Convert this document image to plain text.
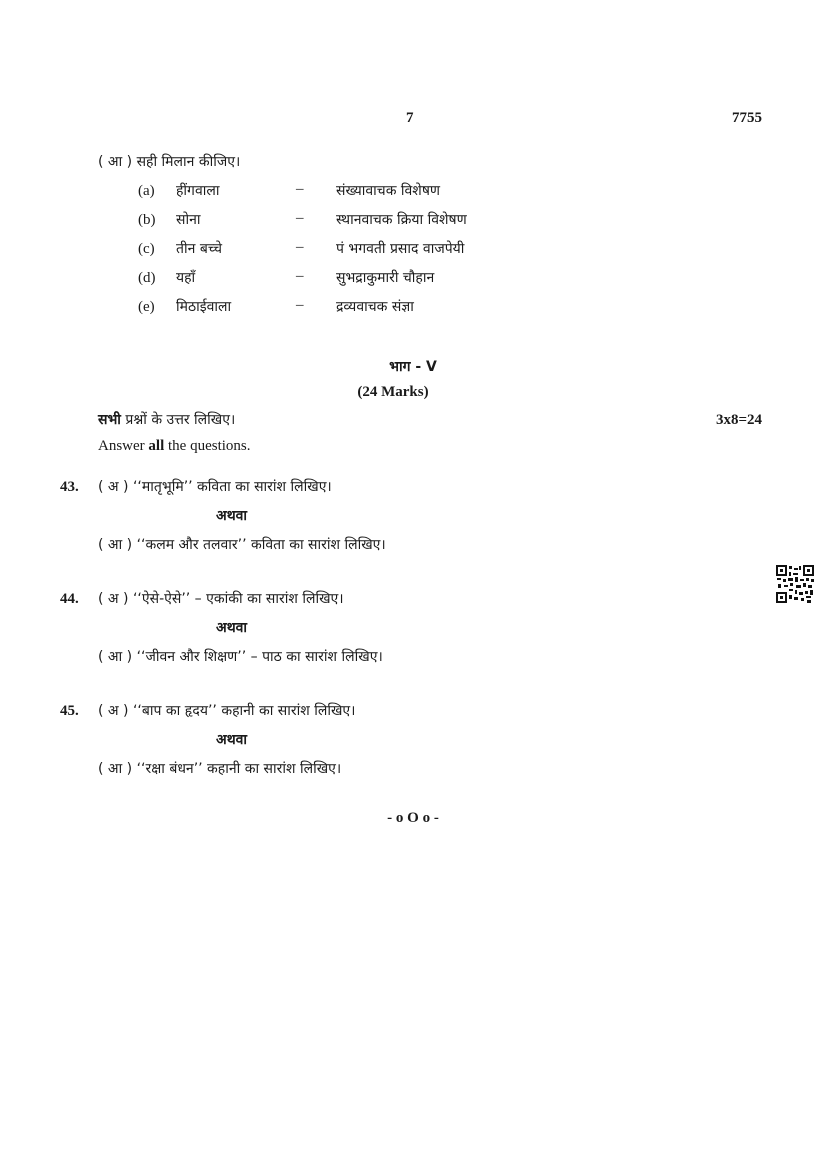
7	7755
( आ ) सही मिलान कीजिए।
(a) हींगवाला	– संख्यावाचक विशेषण
(b) सोना	– स्थानवाचक क्रिया विशेषण
(c) तीन बच्चे	– पं भगवती प्रसाद वाजपेयी
(d) यहाँ	– सुभद्राकुमारी चौहान
(e) मिठाईवाला	– द्रव्यवाचक संज्ञा
भाग - V
(24 Marks)
सभी प्रश्नों के उत्तर लिखिए।	3x8=24
Answer all the questions.
43. ( अ ) ‘‘मातृभूमि’’ कविता का सारांश लिखिए।
अथवा
( आ ) ‘‘कलम और तलवार’’ कविता का सारांश लिखिए।
44. ( अ ) ‘‘ऐसे-ऐसे’’ – एकांकी का सारांश लिखिए।
अथवा
( आ ) ‘‘जीवन और शिक्षण’’ – पाठ का सारांश लिखिए।
45. ( अ ) ‘‘बाप का हृदय’’ कहानी का सारांश लिखिए।
अथवा
( आ ) ‘‘रक्षा बंधन’’ कहानी का सारांश लिखिए।
- o O o -
